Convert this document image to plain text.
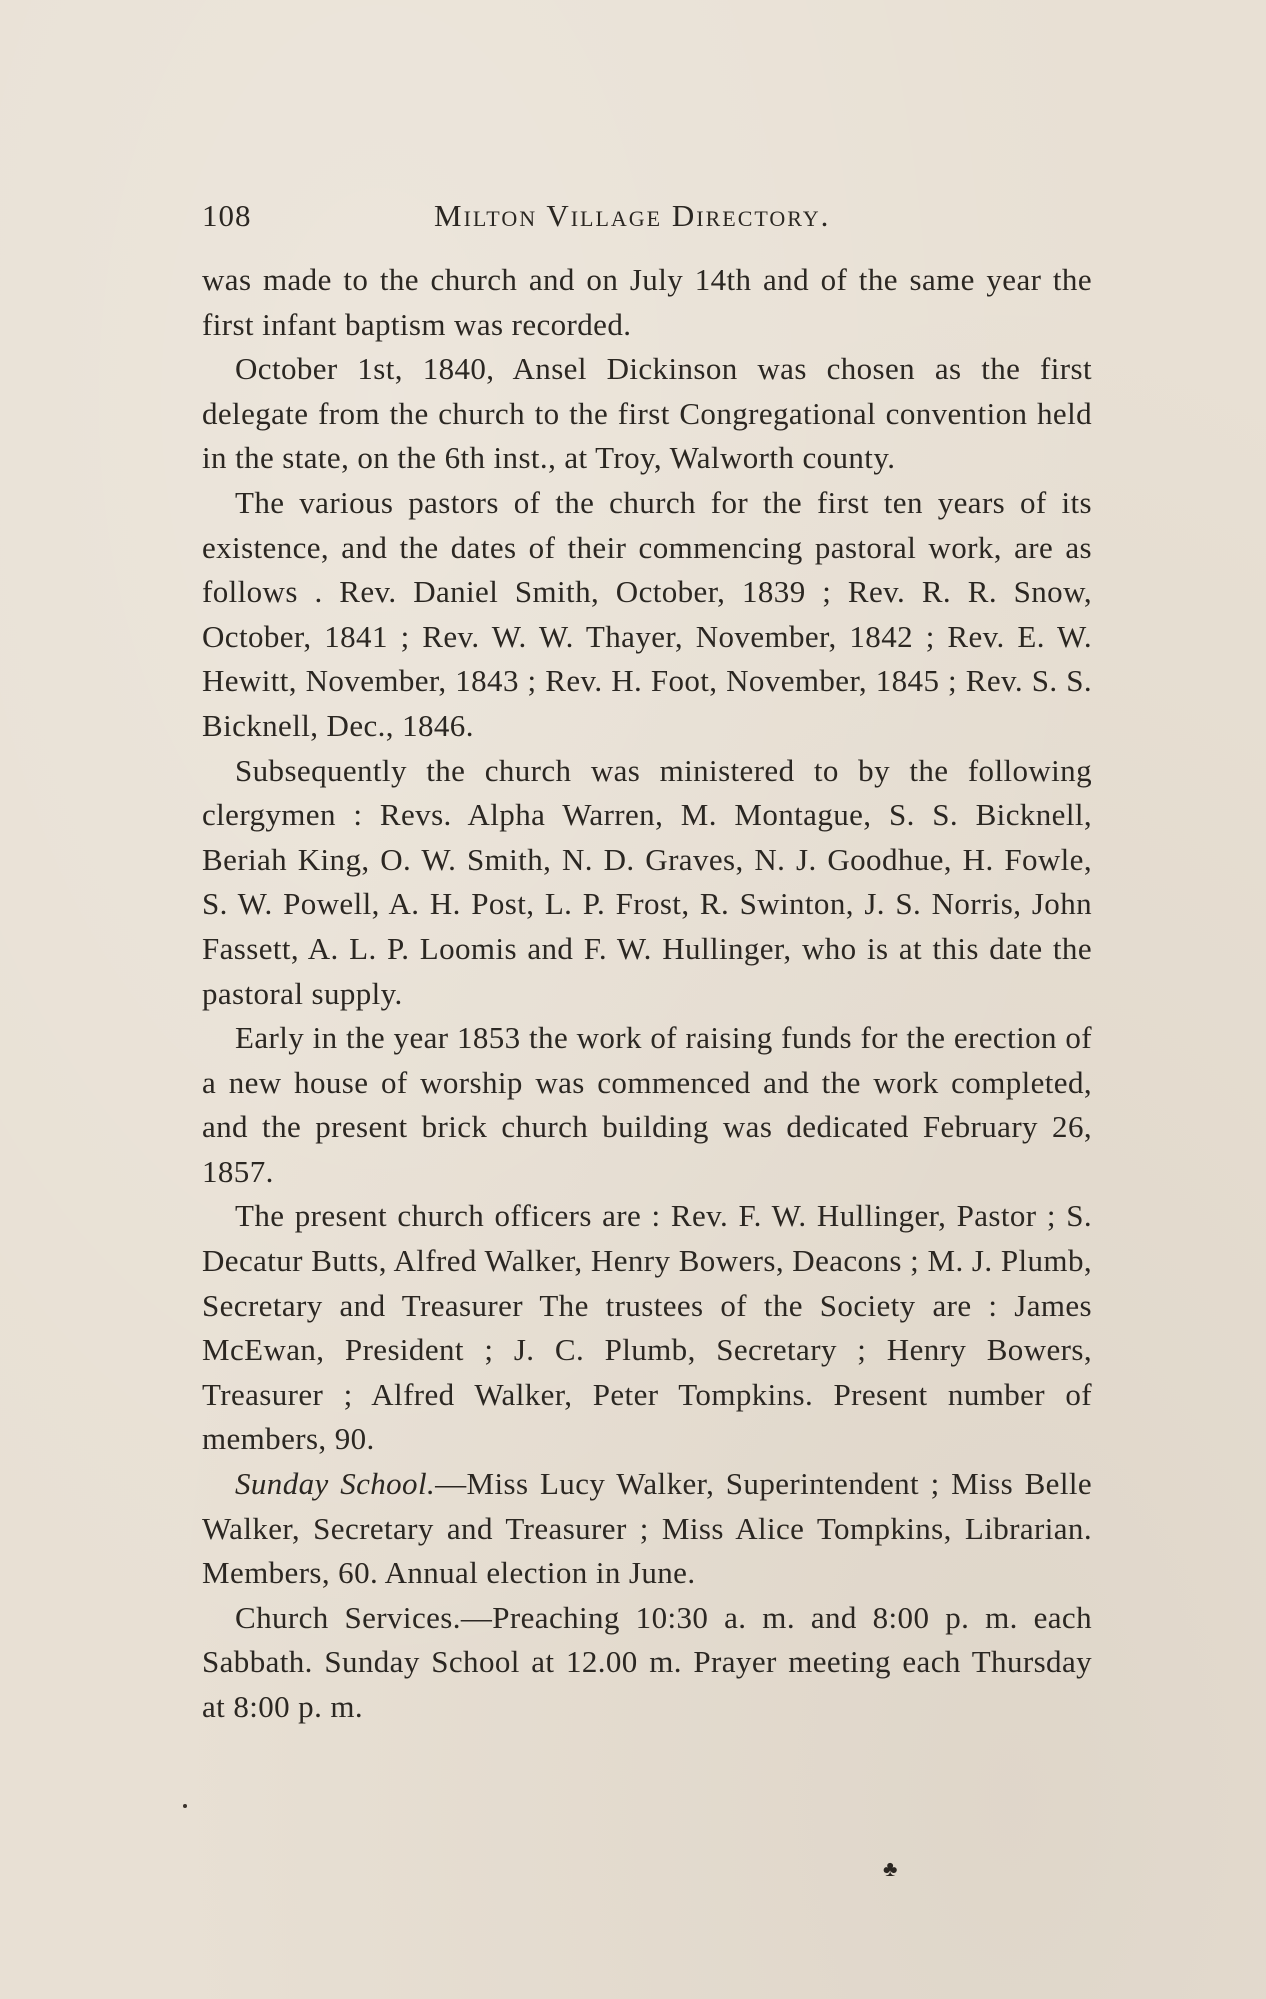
108	Milton Village Directory.

was made to the church and on July 14th and of the same year the first infant baptism was recorded.

October 1st, 1840, Ansel Dickinson was chosen as the first delegate from the church to the first Congregational convention held in the state, on the 6th inst., at Troy, Walworth county.

The various pastors of the church for the first ten years of its existence, and the dates of their commencing pastoral work, are as follows . Rev. Daniel Smith, October, 1839 ; Rev. R. R. Snow, October, 1841 ; Rev. W. W. Thayer, November, 1842 ; Rev. E. W. Hewitt, November, 1843 ; Rev. H. Foot, November, 1845 ; Rev. S. S. Bicknell, Dec., 1846.

Subsequently the church was ministered to by the following clergymen : Revs. Alpha Warren, M. Montague, S. S. Bicknell, Beriah King, O. W. Smith, N. D. Graves, N. J. Goodhue, H. Fowle, S. W. Powell, A. H. Post, L. P. Frost, R. Swinton, J. S. Norris, John Fassett, A. L. P. Loomis and F. W. Hullinger, who is at this date the pastoral supply.

Early in the year 1853 the work of raising funds for the erection of a new house of worship was commenced and the work completed, and the present brick church building was dedicated February 26, 1857.

The present church officers are : Rev. F. W. Hullinger, Pastor ; S. Decatur Butts, Alfred Walker, Henry Bowers, Deacons ; M. J. Plumb, Secretary and Treasurer The trustees of the Society are : James McEwan, President ; J. C. Plumb, Secretary ; Henry Bowers, Treasurer ; Alfred Walker, Peter Tompkins. Present number of members, 90.

Sunday School.—Miss Lucy Walker, Superintendent ; Miss Belle Walker, Secretary and Treasurer ; Miss Alice Tompkins, Librarian. Members, 60. Annual election in June.

Church Services.—Preaching 10:30 a. m. and 8:00 p. m. each Sabbath. Sunday School at 12.00 m. Prayer meeting each Thursday at 8:00 p. m.

♣
